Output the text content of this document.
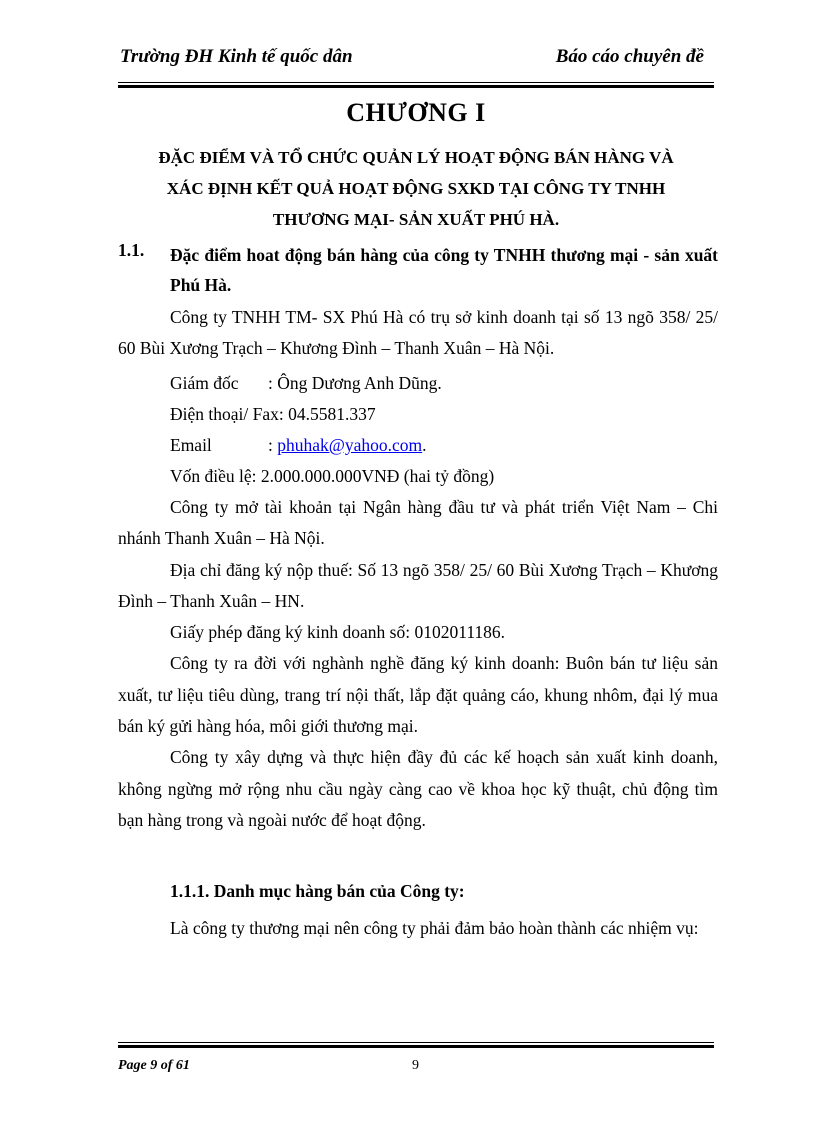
Trường ĐH Kinh tế quốc dân	Báo cáo chuyên đề
CHƯƠNG I
ĐẶC ĐIỂM VÀ TỔ CHỨC QUẢN LÝ HOẠT ĐỘNG BÁN HÀNG VÀ
XÁC ĐỊNH KẾT QUẢ HOẠT ĐỘNG SXKD TẠI CÔNG TY TNHH
THƯƠNG MẠI- SẢN XUẤT PHÚ HÀ.
1.1. Đặc điểm hoat động bán hàng của công ty TNHH thương mại - sản xuất Phú Hà.

Công ty TNHH TM- SX Phú Hà có trụ sở kinh doanh tại số 13 ngõ 358/ 25/ 60 Bùi Xương Trạch – Khương Đình – Thanh Xuân – Hà Nội.

Giám đốc : Ông Dương Anh Dũng.
Điện thoại/ Fax: 04.5581.337
Email	: phuhak@yahoo.com.
Vốn điều lệ: 2.000.000.000VNĐ (hai tỷ đồng)

Công ty mở tài khoản tại Ngân hàng đầu tư và phát triển Việt Nam – Chi nhánh Thanh Xuân – Hà Nội.

Địa chỉ đăng ký nộp thuế: Số 13 ngõ 358/ 25/ 60 Bùi Xương Trạch – Khương Đình – Thanh Xuân – HN.

Giấy phép đăng ký kinh doanh số: 0102011186.

Công ty ra đời với nghành nghề đăng ký kinh doanh: Buôn bán tư liệu sản xuất, tư liệu tiêu dùng, trang trí nội thất, lắp đặt quảng cáo, khung nhôm, đại lý mua bán ký gửi hàng hóa, môi giới thương mại.

Công ty xây dựng và thực hiện đầy đủ các kế hoạch sản xuất kinh doanh, không ngừng mở rộng nhu cầu ngày càng cao về khoa học kỹ thuật, chủ động tìm bạn hàng trong và ngoài nước để hoạt động.

1.1.1. Danh mục hàng bán của Công ty:

Là công ty thương mại nên công ty phải đảm bảo hoàn thành các nhiệm vụ:

Page 9 of 61	9
